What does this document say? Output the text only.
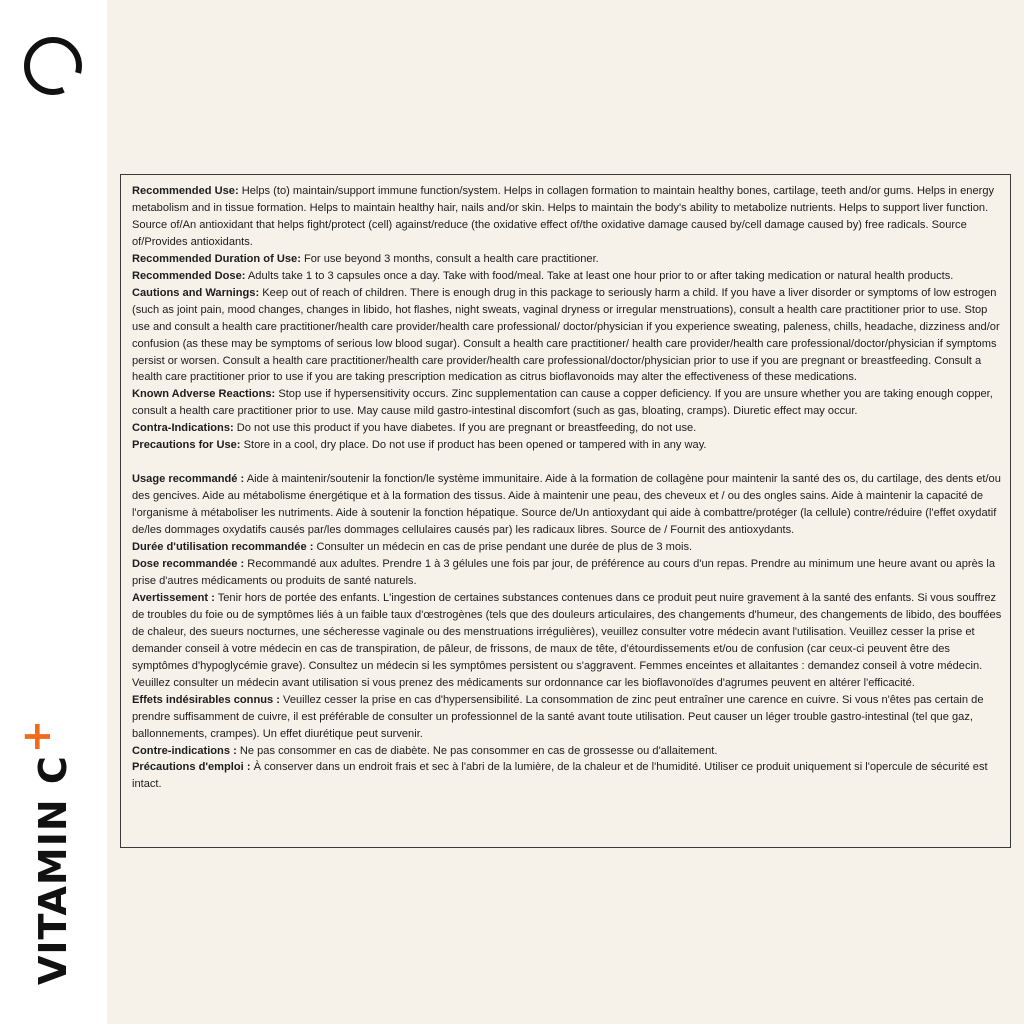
VITAMIN C+

Recommended Use: Helps (to) maintain/support immune function/system. Helps in collagen formation to maintain healthy bones, cartilage, teeth and/or gums. Helps in energy metabolism and in tissue formation. Helps to maintain healthy hair, nails and/or skin. Helps to maintain the body's ability to metabolize nutrients. Helps to support liver function. Source of/An antioxidant that helps fight/protect (cell) against/reduce (the oxidative effect of/the oxidative damage caused by/cell damage caused by) free radicals. Source of/Provides antioxidants.

Recommended Duration of Use: For use beyond 3 months, consult a health care practitioner.

Recommended Dose: Adults take 1 to 3 capsules once a day. Take with food/meal. Take at least one hour prior to or after taking medication or natural health products.

Cautions and Warnings: Keep out of reach of children. There is enough drug in this package to seriously harm a child. If you have a liver disorder or symptoms of low estrogen (such as joint pain, mood changes, changes in libido, hot flashes, night sweats, vaginal dryness or irregular menstruations), consult a health care practitioner prior to use. Stop use and consult a health care practitioner/health care provider/health care professional/ doctor/physician if you experience sweating, paleness, chills, headache, dizziness and/or confusion (as these may be symptoms of serious low blood sugar). Consult a health care practitioner/ health care provider/health care professional/doctor/physician if symptoms persist or worsen. Consult a health care practitioner/health care provider/health care professional/doctor/physician prior to use if you are pregnant or breastfeeding. Consult a health care practitioner prior to use if you are taking prescription medication as citrus bioflavonoids may alter the effectiveness of these medications.

Known Adverse Reactions: Stop use if hypersensitivity occurs. Zinc supplementation can cause a copper deficiency. If you are unsure whether you are taking enough copper, consult a health care practitioner prior to use. May cause mild gastro-intestinal discomfort (such as gas, bloating, cramps). Diuretic effect may occur.

Contra-Indications: Do not use this product if you have diabetes. If you are pregnant or breastfeeding, do not use.

Precautions for Use: Store in a cool, dry place. Do not use if product has been opened or tampered with in any way.

Usage recommandé : Aide à maintenir/soutenir la fonction/le système immunitaire. Aide à la formation de collagène pour maintenir la santé des os, du cartilage, des dents et/ou des gencives. Aide au métabolisme énergétique et à la formation des tissus. Aide à maintenir une peau, des cheveux et / ou des ongles sains. Aide à maintenir la capacité de l'organisme à métaboliser les nutriments. Aide à soutenir la fonction hépatique. Source de/Un antioxydant qui aide à combattre/protéger (la cellule) contre/réduire (l'effet oxydatif de/les dommages oxydatifs causés par/les dommages cellulaires causés par) les radicaux libres. Source de / Fournit des antioxydants.

Durée d'utilisation recommandée : Consulter un médecin en cas de prise pendant une durée de plus de 3 mois.

Dose recommandée : Recommandé aux adultes. Prendre 1 à 3 gélules une fois par jour, de préférence au cours d'un repas. Prendre au minimum une heure avant ou après la prise d'autres médicaments ou produits de santé naturels.

Avertissement : Tenir hors de portée des enfants. L'ingestion de certaines substances contenues dans ce produit peut nuire gravement à la santé des enfants. Si vous souffrez de troubles du foie ou de symptômes liés à un faible taux d'œstrogènes (tels que des douleurs articulaires, des changements d'humeur, des changements de libido, des bouffées de chaleur, des sueurs nocturnes, une sécheresse vaginale ou des menstruations irrégulières), veuillez consulter votre médecin avant l'utilisation. Veuillez cesser la prise et demander conseil à votre médecin en cas de transpiration, de pâleur, de frissons, de maux de tête, d'étourdissements et/ou de confusion (car ceux-ci peuvent être des symptômes d'hypoglycémie grave). Consultez un médecin si les symptômes persistent ou s'aggravent. Femmes enceintes et allaitantes : demandez conseil à votre médecin. Veuillez consulter un médecin avant utilisation si vous prenez des médicaments sur ordonnance car les bioflavonoïdes d'agrumes peuvent en altérer l'efficacité.

Effets indésirables connus : Veuillez cesser la prise en cas d'hypersensibilité. La consommation de zinc peut entraîner une carence en cuivre. Si vous n'êtes pas certain de prendre suffisamment de cuivre, il est préférable de consulter un professionnel de la santé avant toute utilisation. Peut causer un léger trouble gastro-intestinal (tel que gaz, ballonnements, crampes). Un effet diurétique peut survenir.

Contre-indications : Ne pas consommer en cas de diabète. Ne pas consommer en cas de grossesse ou d'allaitement.

Précautions d'emploi : À conserver dans un endroit frais et sec à l'abri de la lumière, de la chaleur et de l'humidité. Utiliser ce produit uniquement si l'opercule de sécurité est intact.
